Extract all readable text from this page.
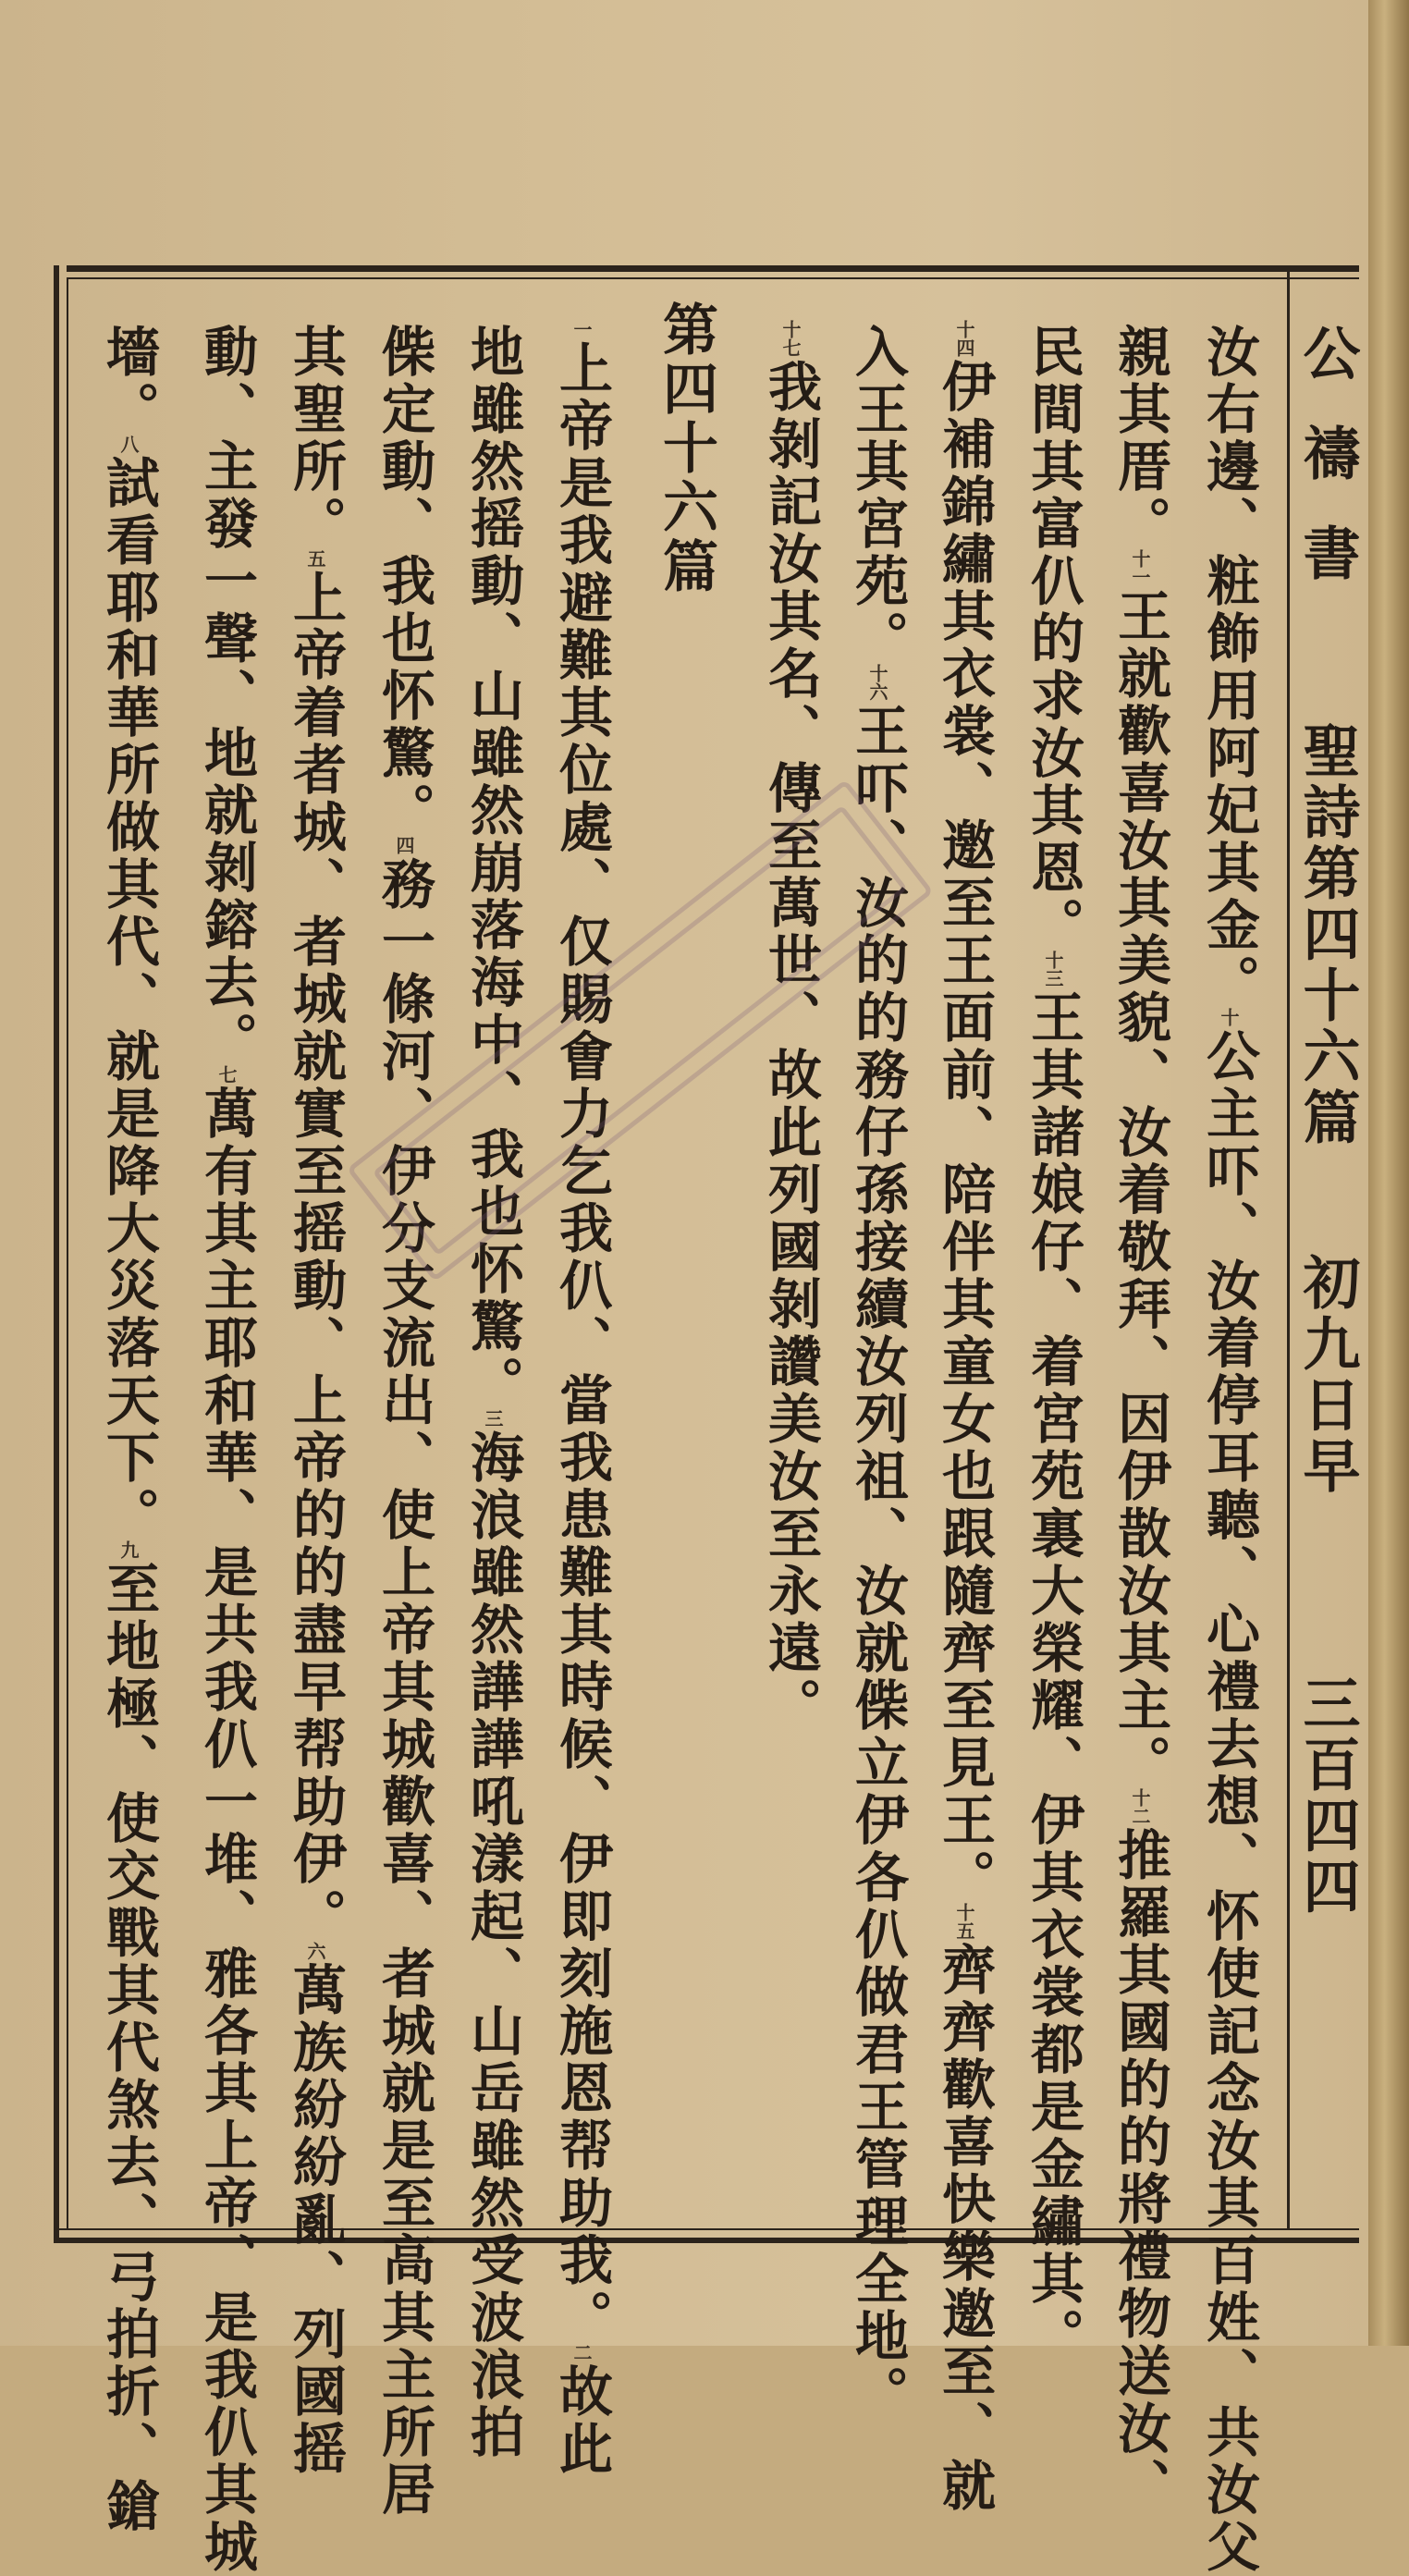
公禱書
聖詩第四十六篇
初九日早
三百四四
汝右邊、粧飾用阿妃其金。十公主吓、汝着停耳聽、心禮去想、怀使記念汝其百姓、共汝父
親其厝。十一王就歡喜汝其美貌、汝着敬拜、因伊㪚汝其主。十二推羅其國的的將禮物送汝、
民間其富仈的求汝其恩。十三王其諸娘仔、着宮苑裏大榮耀、伊其衣裳都是金繡其。
十四伊補錦繡其衣裳、邀至王面前、陪伴其童女也跟隨齊至見王。十五齊齊歡喜快樂邀至、就
入王其宮苑。十六王吓、汝的的務仔孫接續汝列祖、汝就偨立伊各仈做君王管理全地。
十七我剝記汝其名、傳至萬世、故此列國剝讚美汝至永遠。
第四十六篇
一上帝是我避難其位處、仅賜㑹力乞我仈、當我患難其時候、伊即刻施恩帮助我。二故此
地雖然摇動、山雖然崩落海中、我也怀驚。三海浪雖然譁譁吼漾起、山岳雖然受波浪拍
偨定動、我也怀驚。四務一條河、伊分支流出、使上帝其城歡喜、者城就是至高其主所居
其聖所。五上帝着者城、者城就實至摇動、上帝的的盡早帮助伊。六萬族紛紛亂、列國摇
動、主發一聲、地就剝鎔去。七萬有其主耶和華、是共我仈一堆、雅各其上帝、是我仈其城
墻。八試看耶和華所做其代、就是降大災落天下。九至地極、使交戰其代煞去、弓拍折、鎗
